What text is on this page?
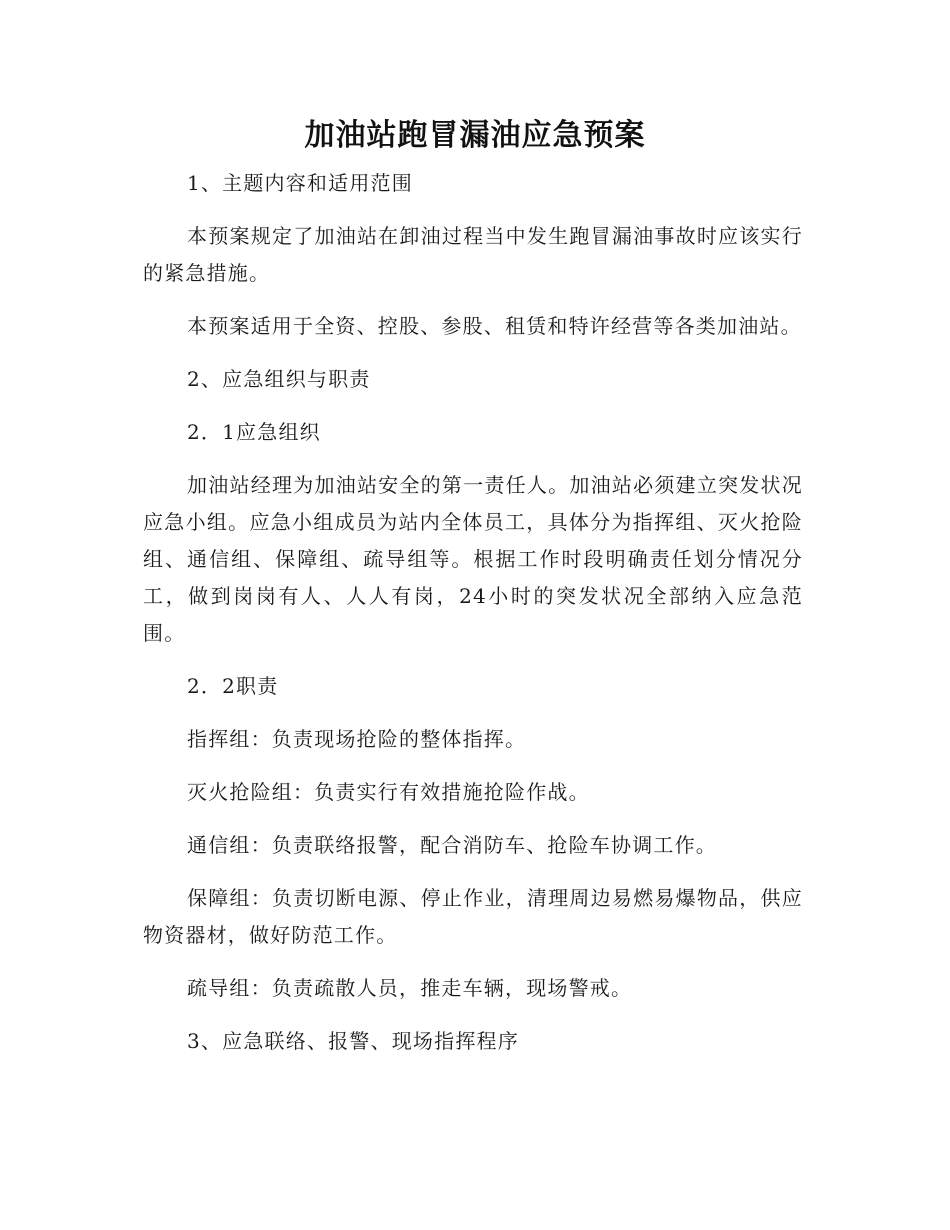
加油站跑冒漏油应急预案

1、主题内容和适用范围

本预案规定了加油站在卸油过程当中发生跑冒漏油事故时应该实行的紧急措施。

本预案适用于全资、控股、参股、租赁和特许经营等各类加油站。

2、应急组织与职责

2．1应急组织

加油站经理为加油站安全的第一责任人。加油站必须建立突发状况应急小组。应急小组成员为站内全体员工，具体分为指挥组、灭火抢险组、通信组、保障组、疏导组等。根据工作时段明确责任划分情况分工，做到岗岗有人、人人有岗，24小时的突发状况全部纳入应急范围。

2．2职责

指挥组：负责现场抢险的整体指挥。

灭火抢险组：负责实行有效措施抢险作战。

通信组：负责联络报警，配合消防车、抢险车协调工作。

保障组：负责切断电源、停止作业，清理周边易燃易爆物品，供应物资器材，做好防范工作。

疏导组：负责疏散人员，推走车辆，现场警戒。

3、应急联络、报警、现场指挥程序
